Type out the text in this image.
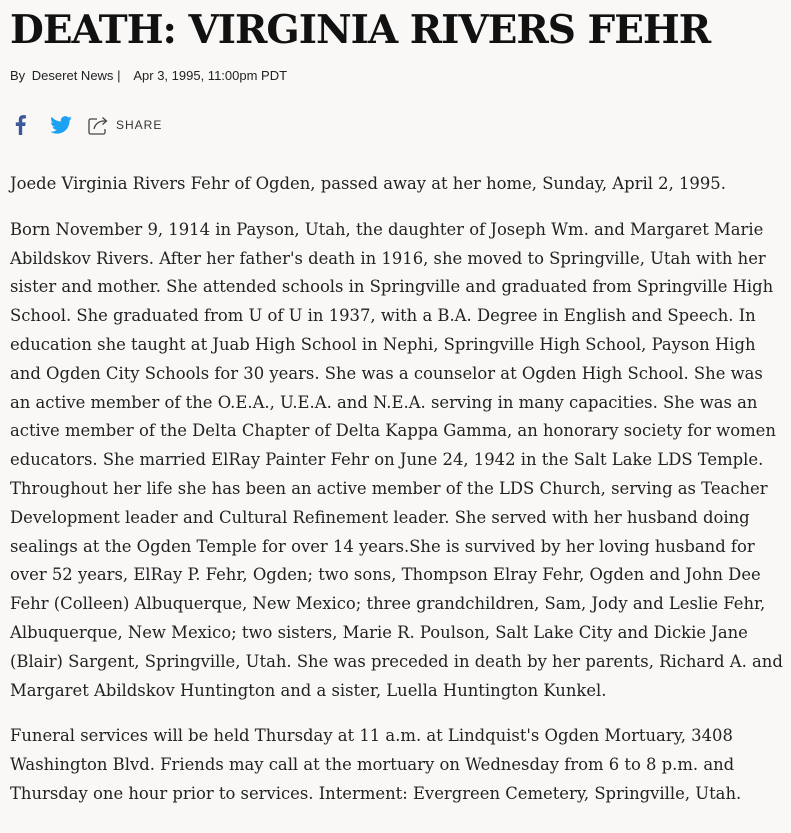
DEATH: VIRGINIA RIVERS FEHR
By Deseret News | Apr 3, 1995, 11:00pm PDT
SHARE

Joede Virginia Rivers Fehr of Ogden, passed away at her home, Sunday, April 2, 1995.

Born November 9, 1914 in Payson, Utah, the daughter of Joseph Wm. and Margaret Marie Abildskov Rivers. After her father's death in 1916, she moved to Springville, Utah with her sister and mother. She attended schools in Springville and graduated from Springville High School. She graduated from U of U in 1937, with a B.A. Degree in English and Speech. In education she taught at Juab High School in Nephi, Springville High School, Payson High and Ogden City Schools for 30 years. She was a counselor at Ogden High School. She was an active member of the O.E.A., U.E.A. and N.E.A. serving in many capacities. She was an active member of the Delta Chapter of Delta Kappa Gamma, an honorary society for women educators. She married ElRay Painter Fehr on June 24, 1942 in the Salt Lake LDS Temple. Throughout her life she has been an active member of the LDS Church, serving as Teacher Development leader and Cultural Refinement leader. She served with her husband doing sealings at the Ogden Temple for over 14 years.She is survived by her loving husband for over 52 years, ElRay P. Fehr, Ogden; two sons, Thompson Elray Fehr, Ogden and John Dee Fehr (Colleen) Albuquerque, New Mexico; three grandchildren, Sam, Jody and Leslie Fehr, Albuquerque, New Mexico; two sisters, Marie R. Poulson, Salt Lake City and Dickie Jane (Blair) Sargent, Springville, Utah. She was preceded in death by her parents, Richard A. and Margaret Abildskov Huntington and a sister, Luella Huntington Kunkel.

Funeral services will be held Thursday at 11 a.m. at Lindquist's Ogden Mortuary, 3408 Washington Blvd. Friends may call at the mortuary on Wednesday from 6 to 8 p.m. and Thursday one hour prior to services. Interment: Evergreen Cemetery, Springville, Utah.
